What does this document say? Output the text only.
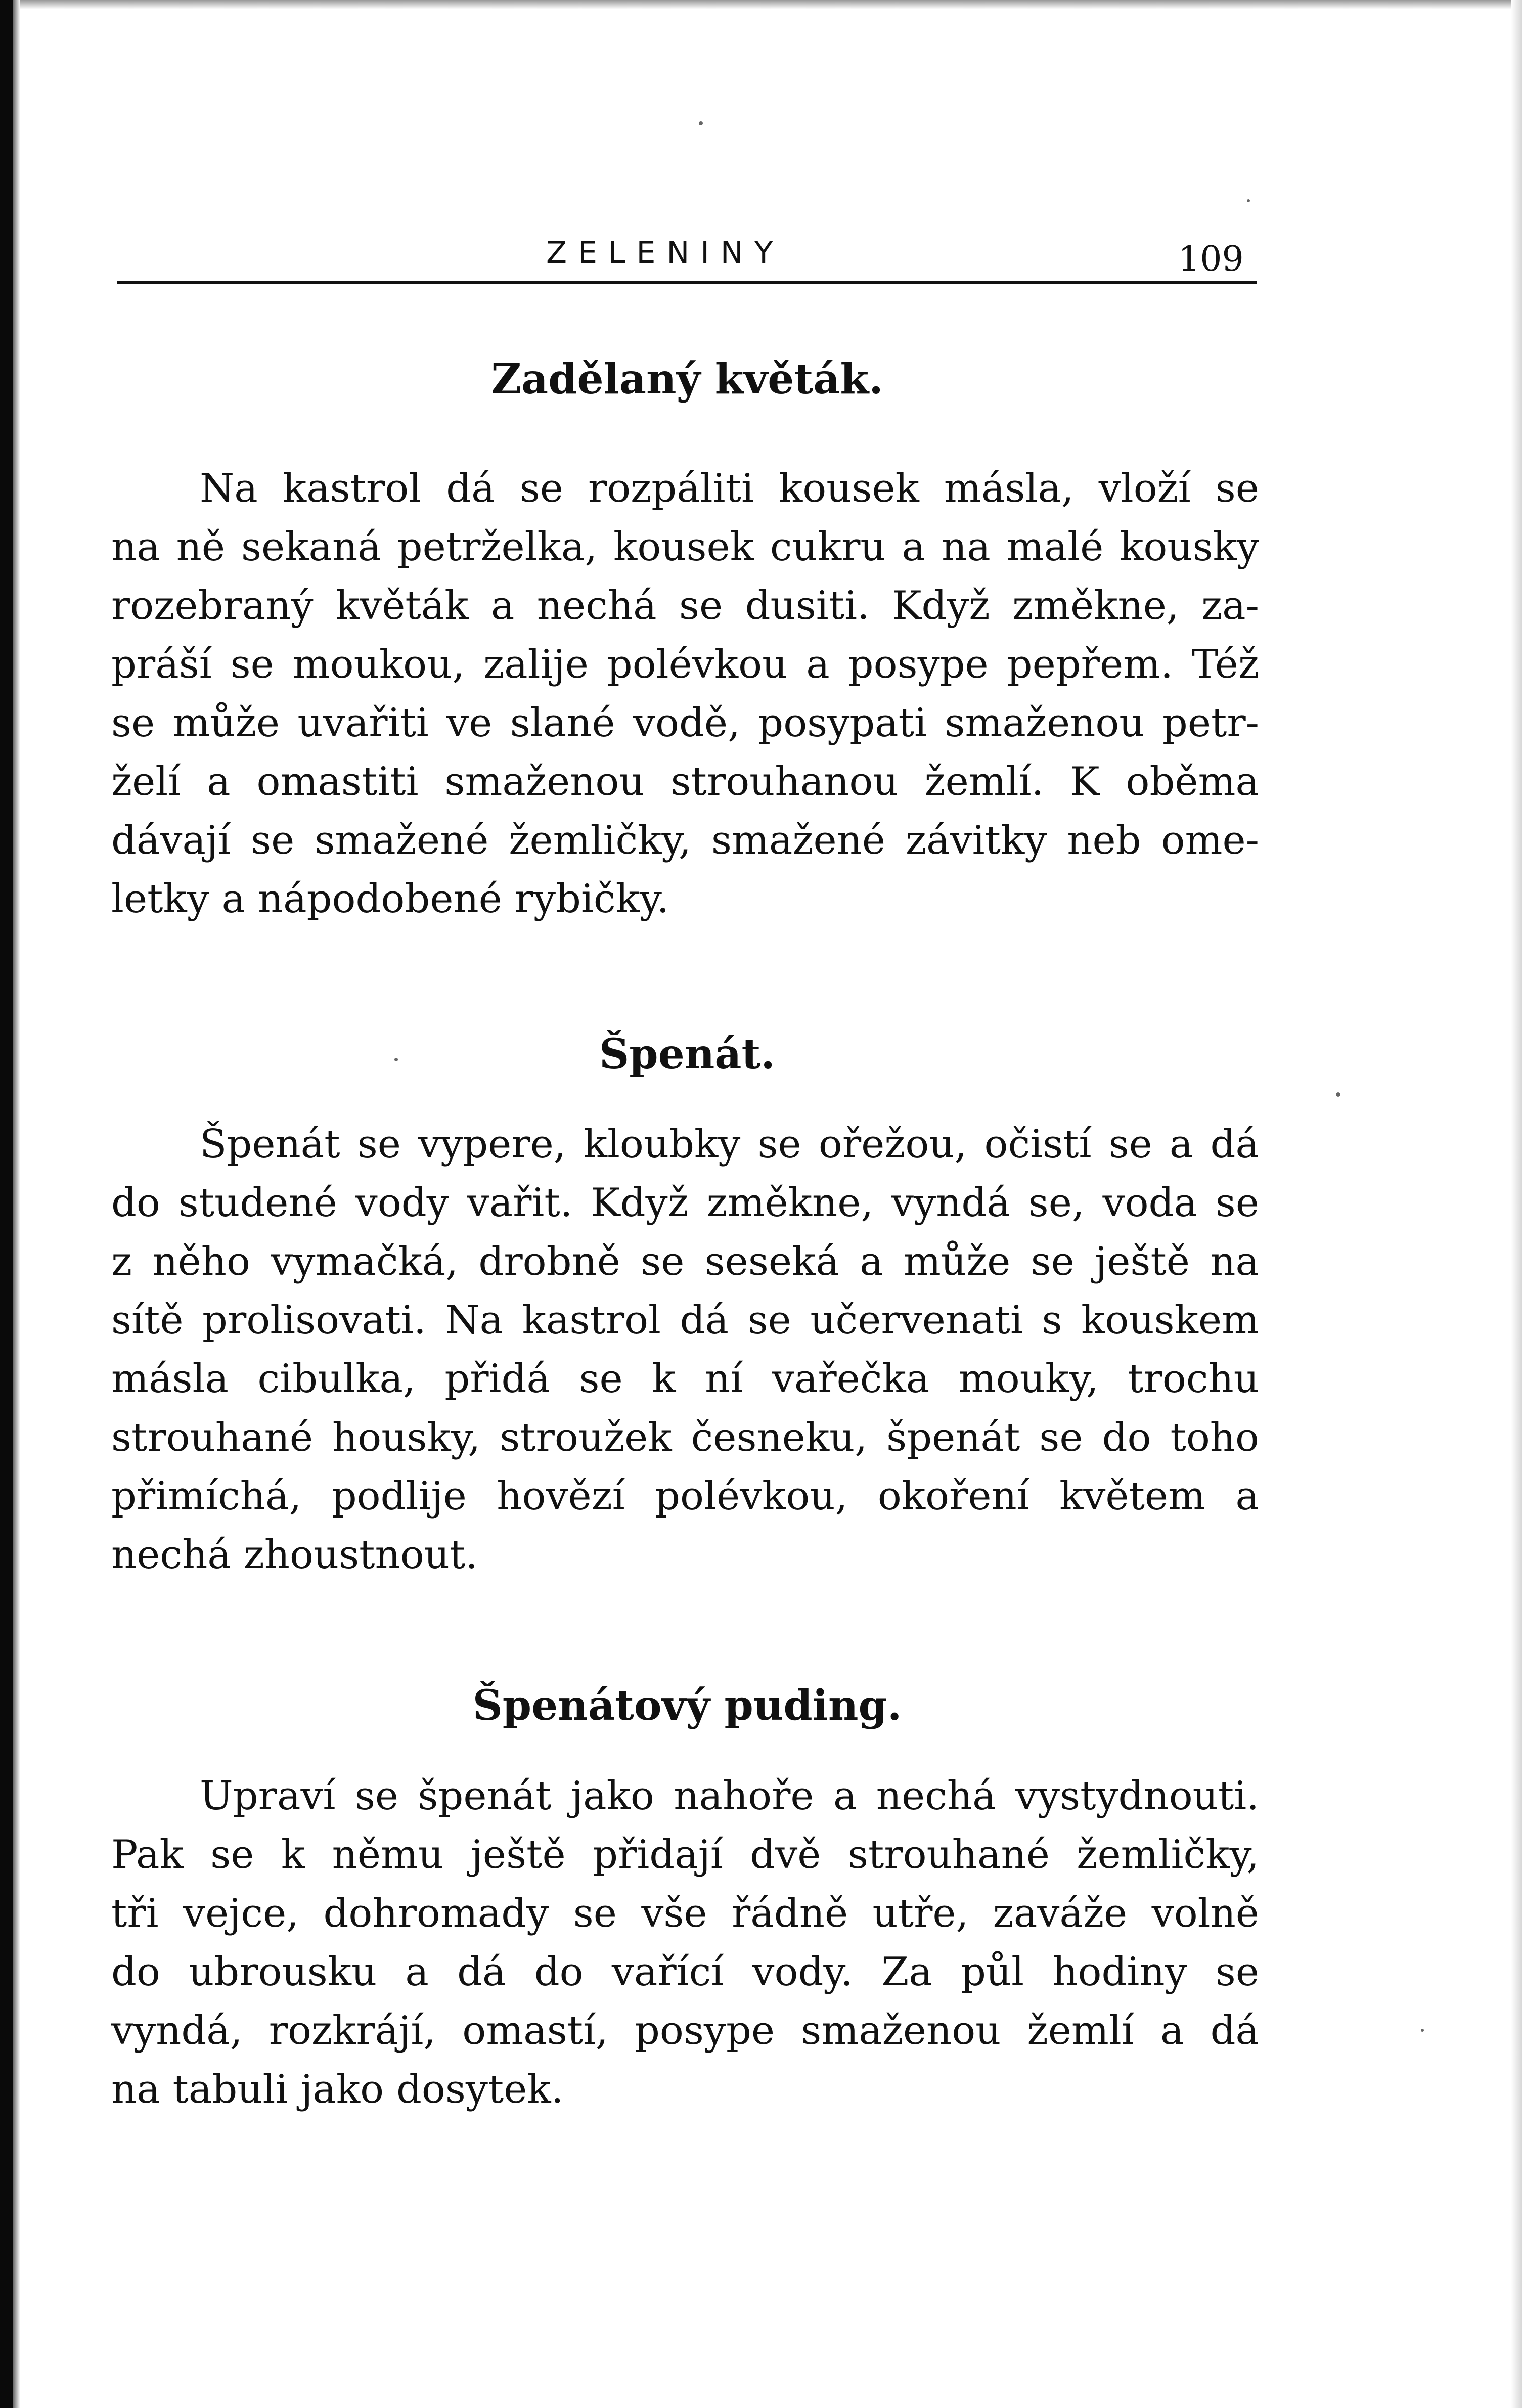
ZELENINY	109
Zadělaný květák.

Na kastrol dá se rozpáliti kousek másla, vloží se
na ně sekaná petrželka, kousek cukru a na malé kousky
rozebraný květák a nechá se dusiti. Když změkne, za-
práší se moukou, zalije polévkou a posype pepřem. Též
se může uvařiti ve slané vodě, posypati smaženou petr-
želí a omastiti smaženou strouhanou žemlí. K oběma
dávají se smažené žemličky, smažené závitky neb ome-
letky a nápodobené rybičky.

Špenát.

Špenát se vypere, kloubky se ořežou, očistí se a dá
do studené vody vařit. Když změkne, vyndá se, voda se
z něho vymačká, drobně se seseká a může se ještě na
sítě prolisovati. Na kastrol dá se učervenati s kouskem
másla cibulka, přidá se k ní vařečka mouky, trochu
strouhané housky, stroužek česneku, špenát se do toho
přimíchá, podlije hovězí polévkou, okoření květem a
nechá zhoustnout.

Špenátový puding.

Upraví se špenát jako nahoře a nechá vystydnouti.
Pak se k němu ještě přidají dvě strouhané žemličky,
tři vejce, dohromady se vše řádně utře, zaváže volně
do ubrousku a dá do vařící vody. Za půl hodiny se
vyndá, rozkrájí, omastí, posype smaženou žemlí a dá
na tabuli jako dosytek.
